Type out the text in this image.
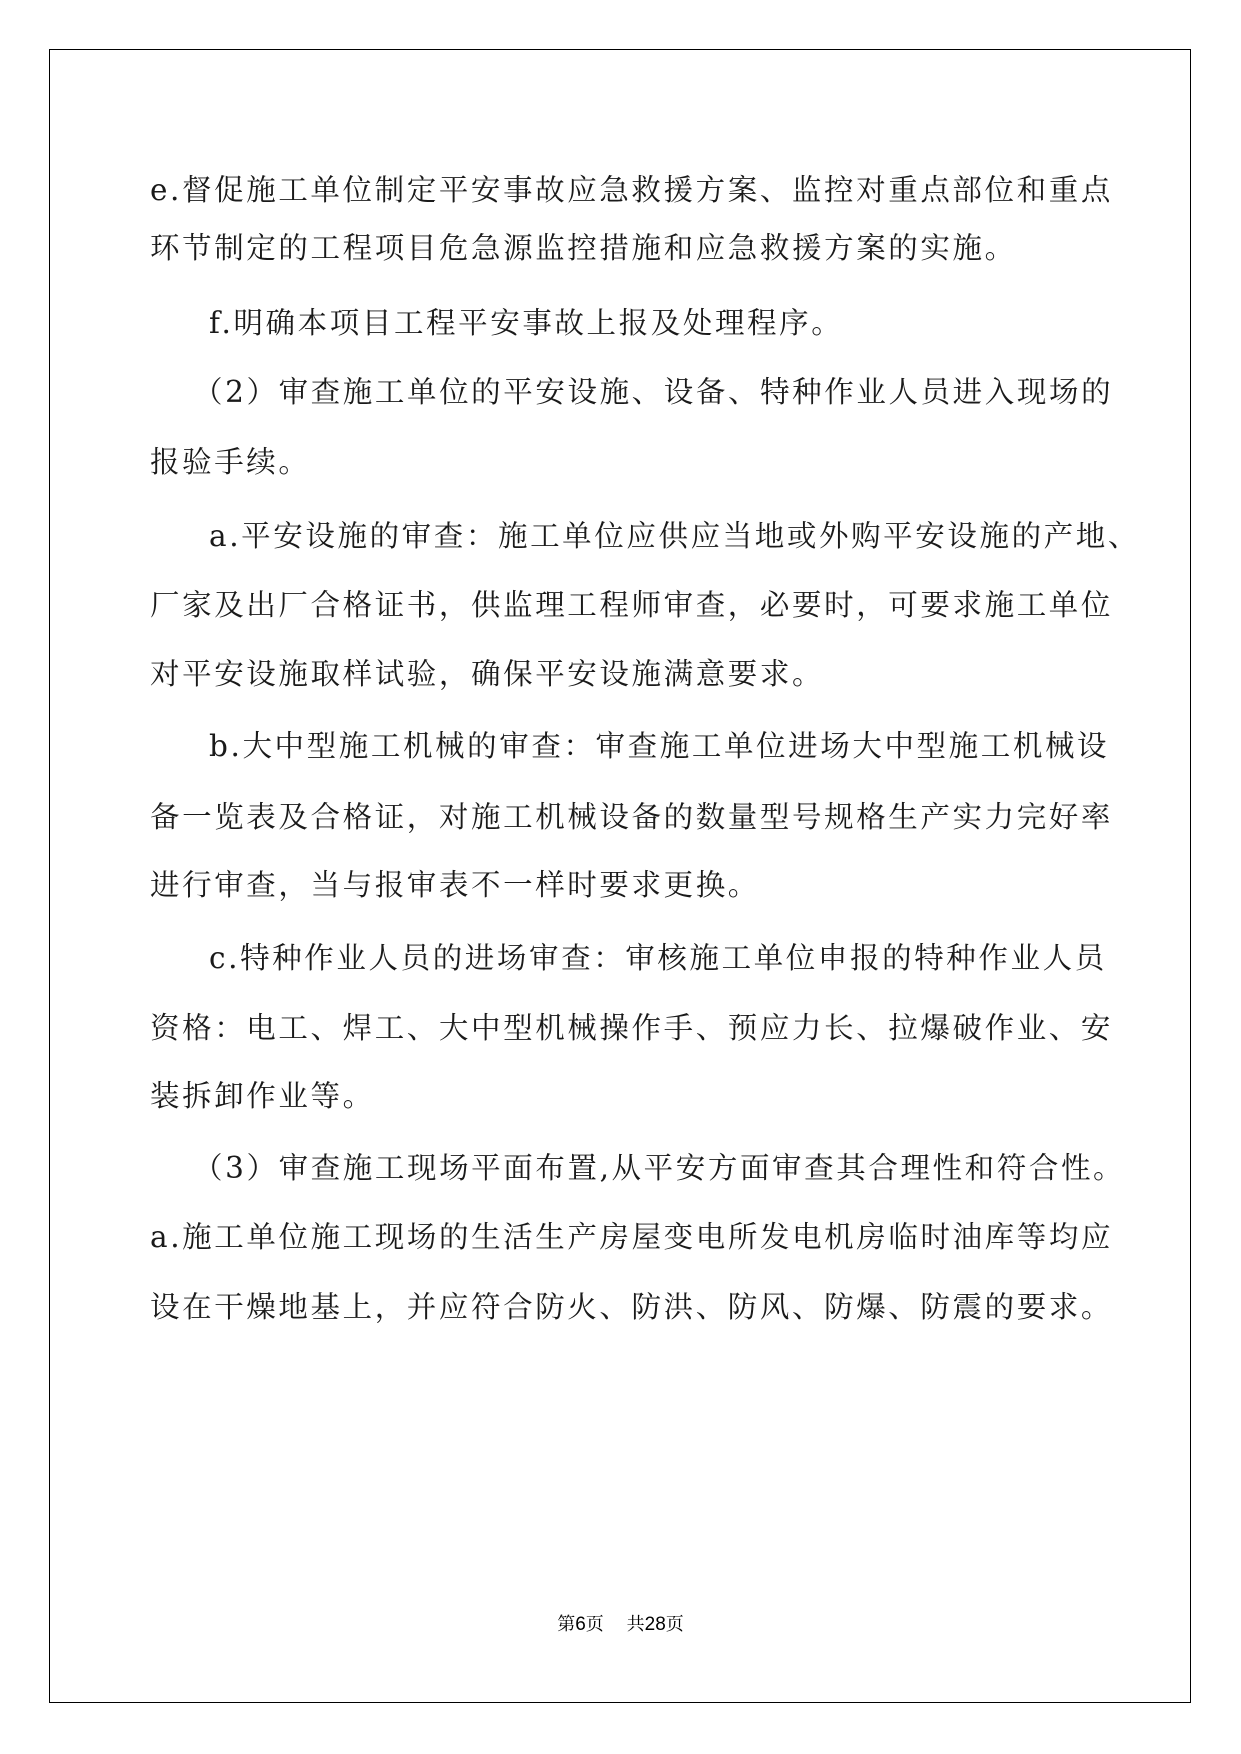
e.督促施工单位制定平安事故应急救援方案、监控对重点部位和重点
环节制定的工程项目危急源监控措施和应急救援方案的实施。
f.明确本项目工程平安事故上报及处理程序。
（2）审查施工单位的平安设施、设备、特种作业人员进入现场的
报验手续。
a.平安设施的审查：施工单位应供应当地或外购平安设施的产地、
厂家及出厂合格证书，供监理工程师审查，必要时，可要求施工单位
对平安设施取样试验，确保平安设施满意要求。
b.大中型施工机械的审查：审查施工单位进场大中型施工机械设
备一览表及合格证，对施工机械设备的数量型号规格生产实力完好率
进行审查，当与报审表不一样时要求更换。
c.特种作业人员的进场审查：审核施工单位申报的特种作业人员
资格：电工、焊工、大中型机械操作手、预应力长、拉爆破作业、安
装拆卸作业等。
（3）审查施工现场平面布置,从平安方面审查其合理性和符合性。
a.施工单位施工现场的生活生产房屋变电所发电机房临时油库等均应
设在干燥地基上，并应符合防火、防洪、防风、防爆、防震的要求。
第6页 共28页
